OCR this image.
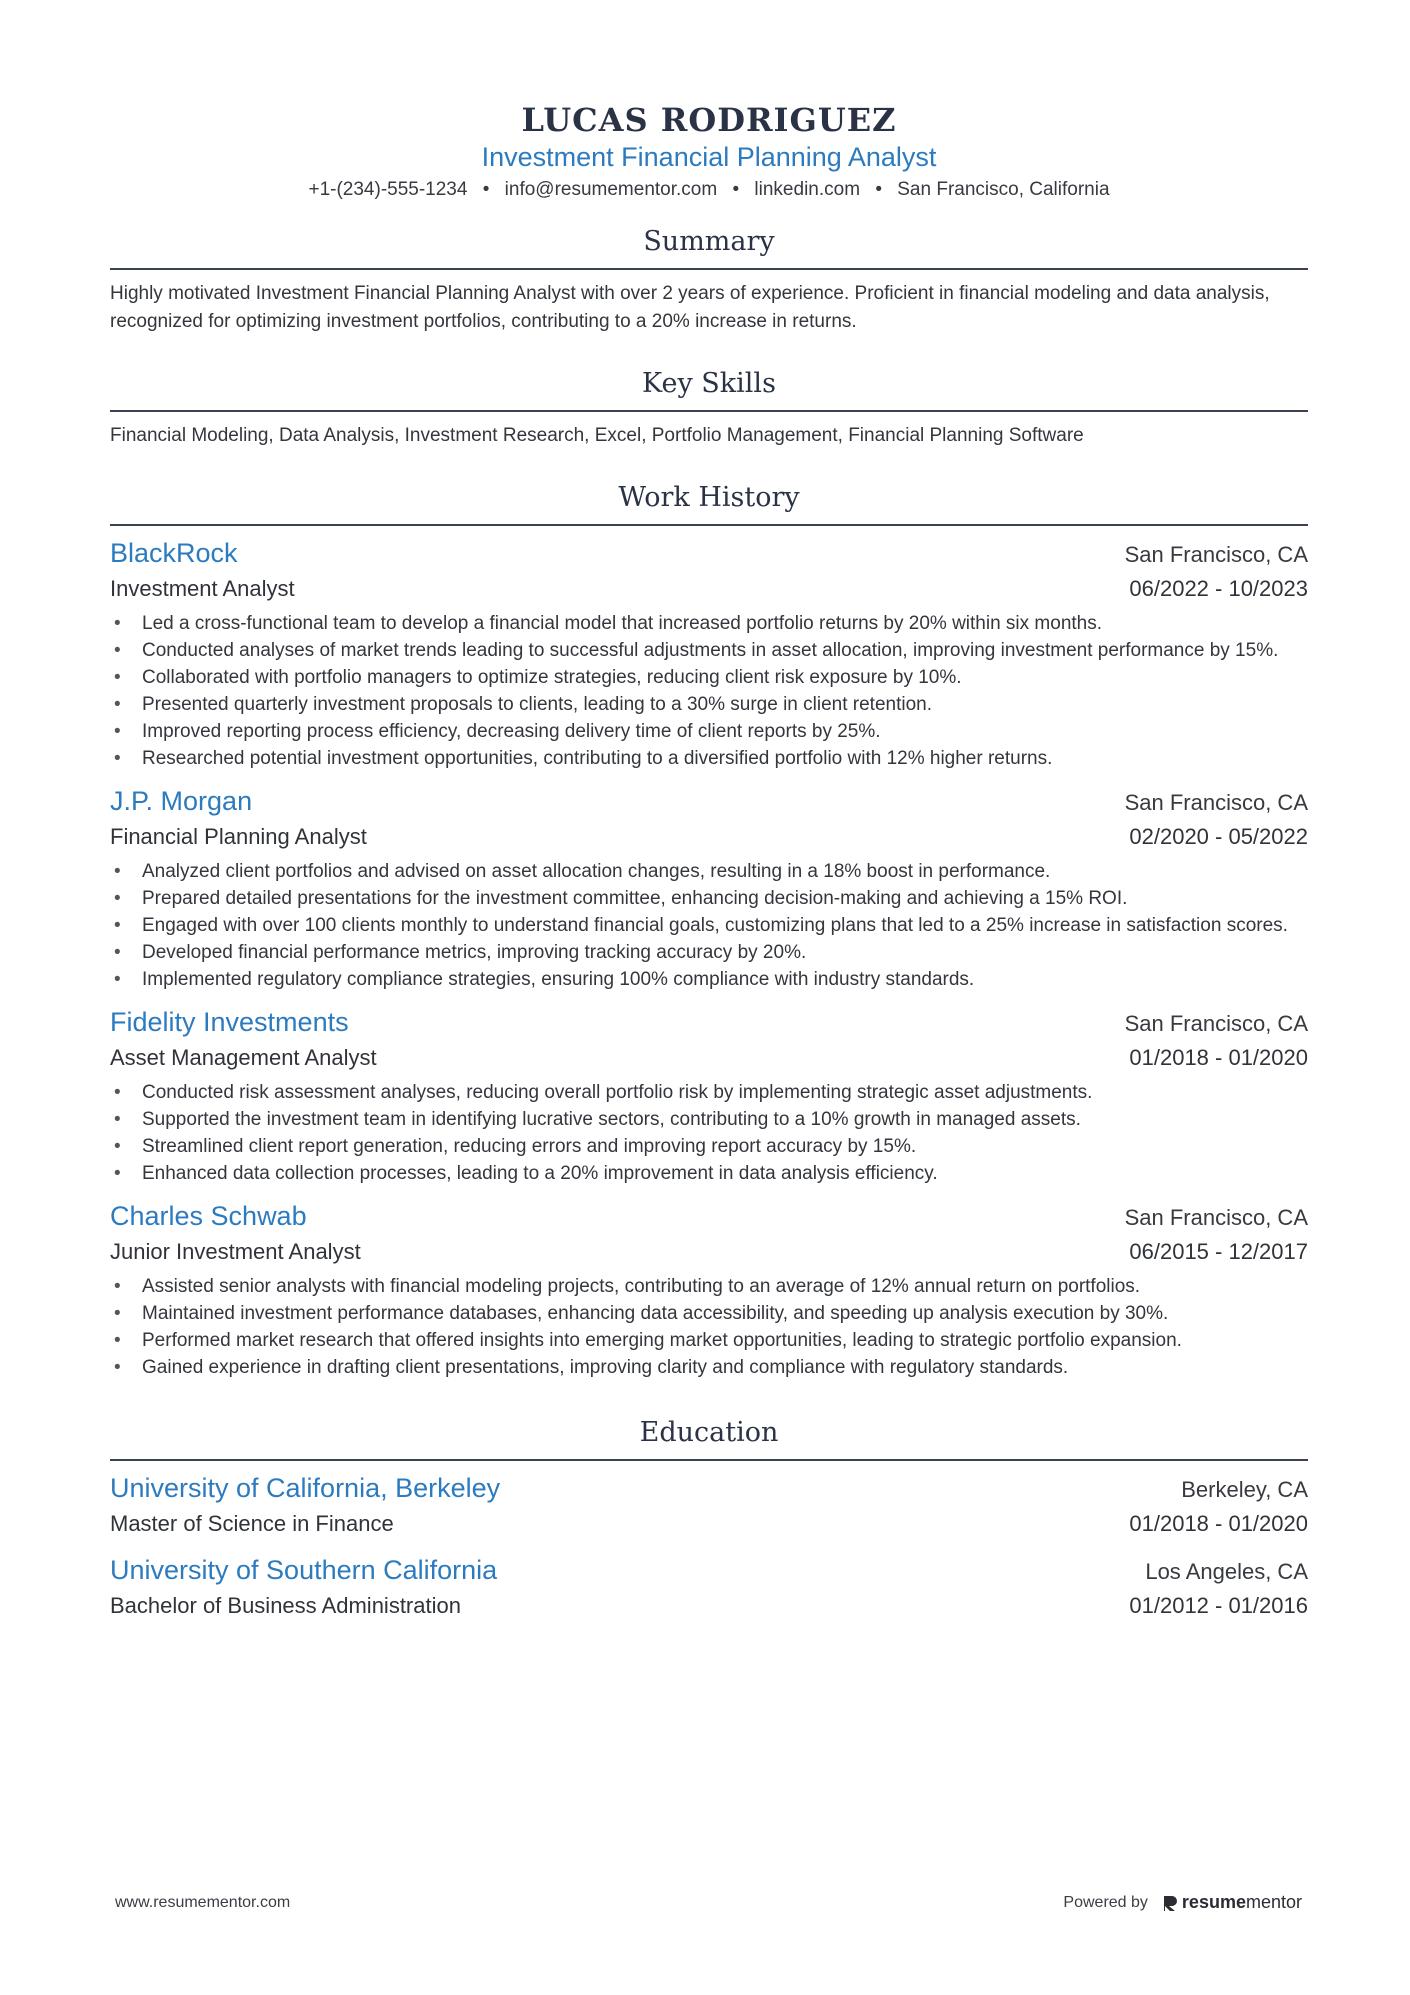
LUCAS RODRIGUEZ
Investment Financial Planning Analyst
+1-(234)-555-1234 • info@resumementor.com • linkedin.com • San Francisco, California
Summary
Highly motivated Investment Financial Planning Analyst with over 2 years of experience. Proficient in financial modeling and data analysis, recognized for optimizing investment portfolios, contributing to a 20% increase in returns.
Key Skills
Financial Modeling, Data Analysis, Investment Research, Excel, Portfolio Management, Financial Planning Software
Work History
BlackRock	San Francisco, CA
Investment Analyst	06/2022 - 10/2023
• Led a cross-functional team to develop a financial model that increased portfolio returns by 20% within six months.
• Conducted analyses of market trends leading to successful adjustments in asset allocation, improving investment performance by 15%.
• Collaborated with portfolio managers to optimize strategies, reducing client risk exposure by 10%.
• Presented quarterly investment proposals to clients, leading to a 30% surge in client retention.
• Improved reporting process efficiency, decreasing delivery time of client reports by 25%.
• Researched potential investment opportunities, contributing to a diversified portfolio with 12% higher returns.
J.P. Morgan	San Francisco, CA
Financial Planning Analyst	02/2020 - 05/2022
• Analyzed client portfolios and advised on asset allocation changes, resulting in a 18% boost in performance.
• Prepared detailed presentations for the investment committee, enhancing decision-making and achieving a 15% ROI.
• Engaged with over 100 clients monthly to understand financial goals, customizing plans that led to a 25% increase in satisfaction scores.
• Developed financial performance metrics, improving tracking accuracy by 20%.
• Implemented regulatory compliance strategies, ensuring 100% compliance with industry standards.
Fidelity Investments	San Francisco, CA
Asset Management Analyst	01/2018 - 01/2020
• Conducted risk assessment analyses, reducing overall portfolio risk by implementing strategic asset adjustments.
• Supported the investment team in identifying lucrative sectors, contributing to a 10% growth in managed assets.
• Streamlined client report generation, reducing errors and improving report accuracy by 15%.
• Enhanced data collection processes, leading to a 20% improvement in data analysis efficiency.
Charles Schwab	San Francisco, CA
Junior Investment Analyst	06/2015 - 12/2017
• Assisted senior analysts with financial modeling projects, contributing to an average of 12% annual return on portfolios.
• Maintained investment performance databases, enhancing data accessibility, and speeding up analysis execution by 30%.
• Performed market research that offered insights into emerging market opportunities, leading to strategic portfolio expansion.
• Gained experience in drafting client presentations, improving clarity and compliance with regulatory standards.
Education
University of California, Berkeley	Berkeley, CA
Master of Science in Finance	01/2018 - 01/2020
University of Southern California	Los Angeles, CA
Bachelor of Business Administration	01/2012 - 01/2016
www.resumementor.com	Powered by resume mentor
